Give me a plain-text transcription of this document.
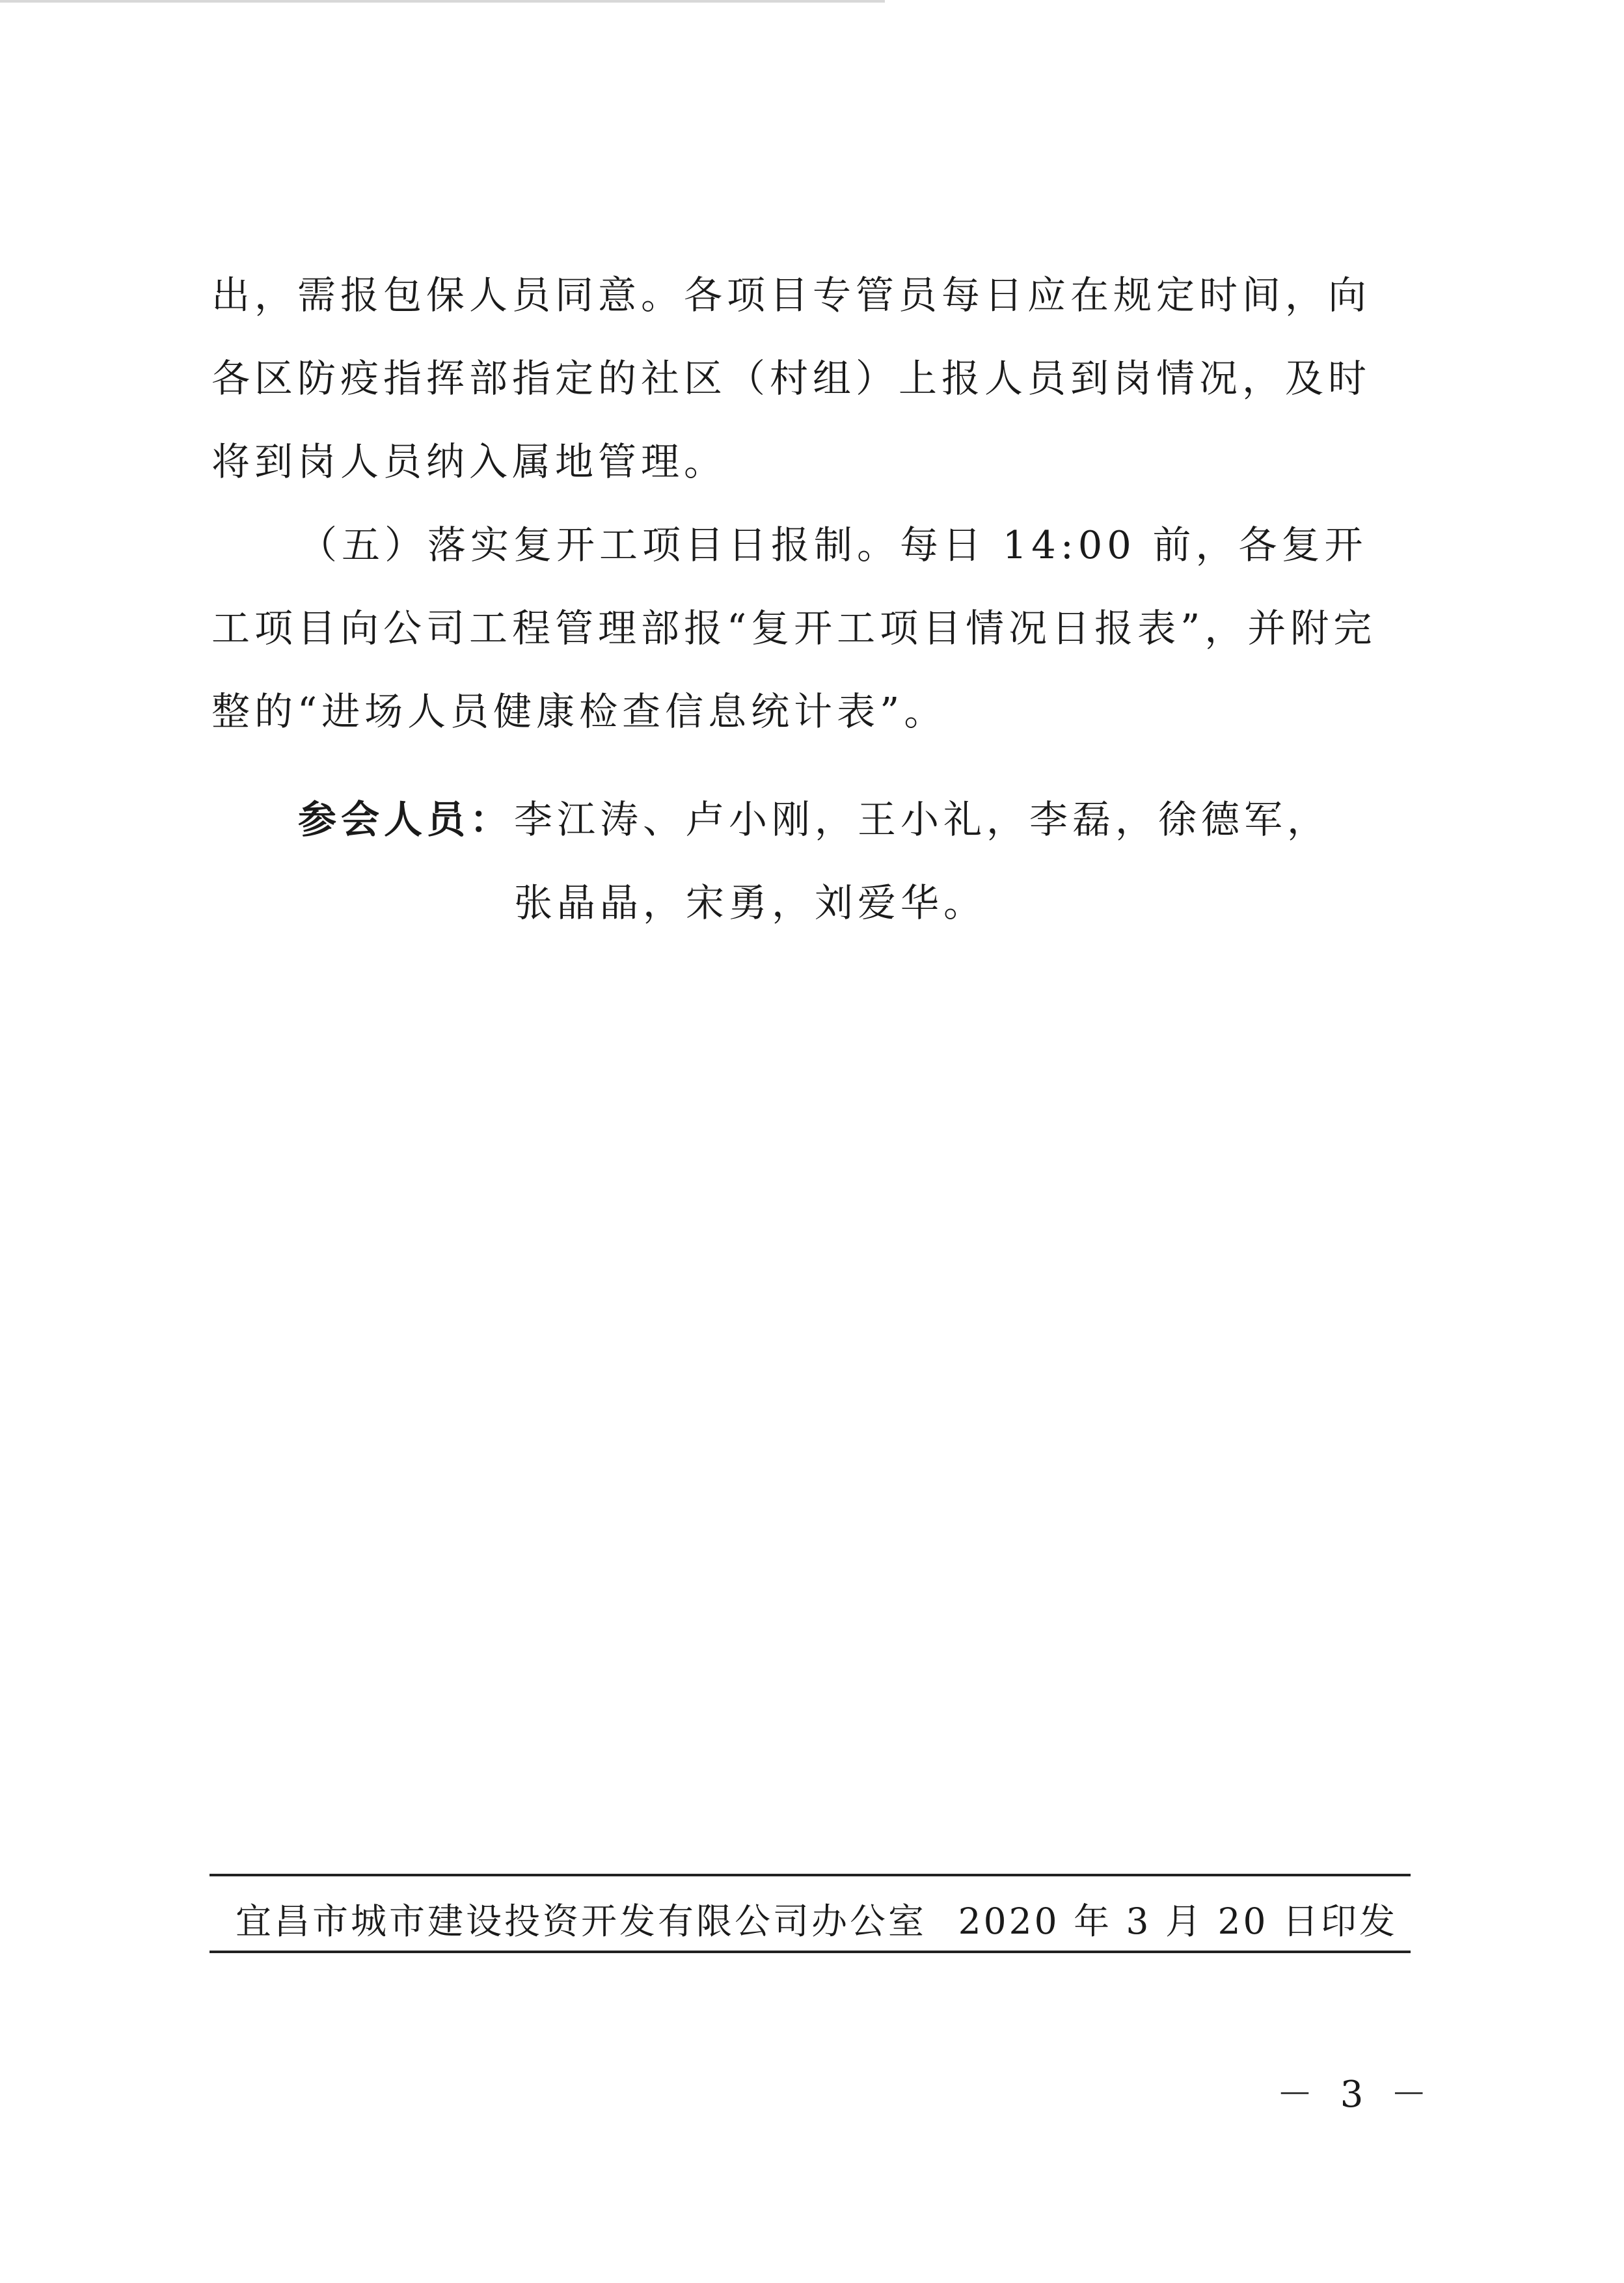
出，需报包保人员同意。各项目专管员每日应在规定时间，向各区防疫指挥部指定的社区（村组）上报人员到岗情况，及时将到岗人员纳入属地管理。

（五）落实复开工项目日报制。每日 14:00 前，各复开工项目向公司工程管理部报“复开工项目情况日报表”，并附完整的“进场人员健康检查信息统计表”。

参会人员： 李江涛、卢小刚，王小礼，李磊，徐德军，
张晶晶，宋勇，刘爱华。
宜昌市城市建设投资开发有限公司办公室 2020 年 3 月 20 日印发
－ 3 －
